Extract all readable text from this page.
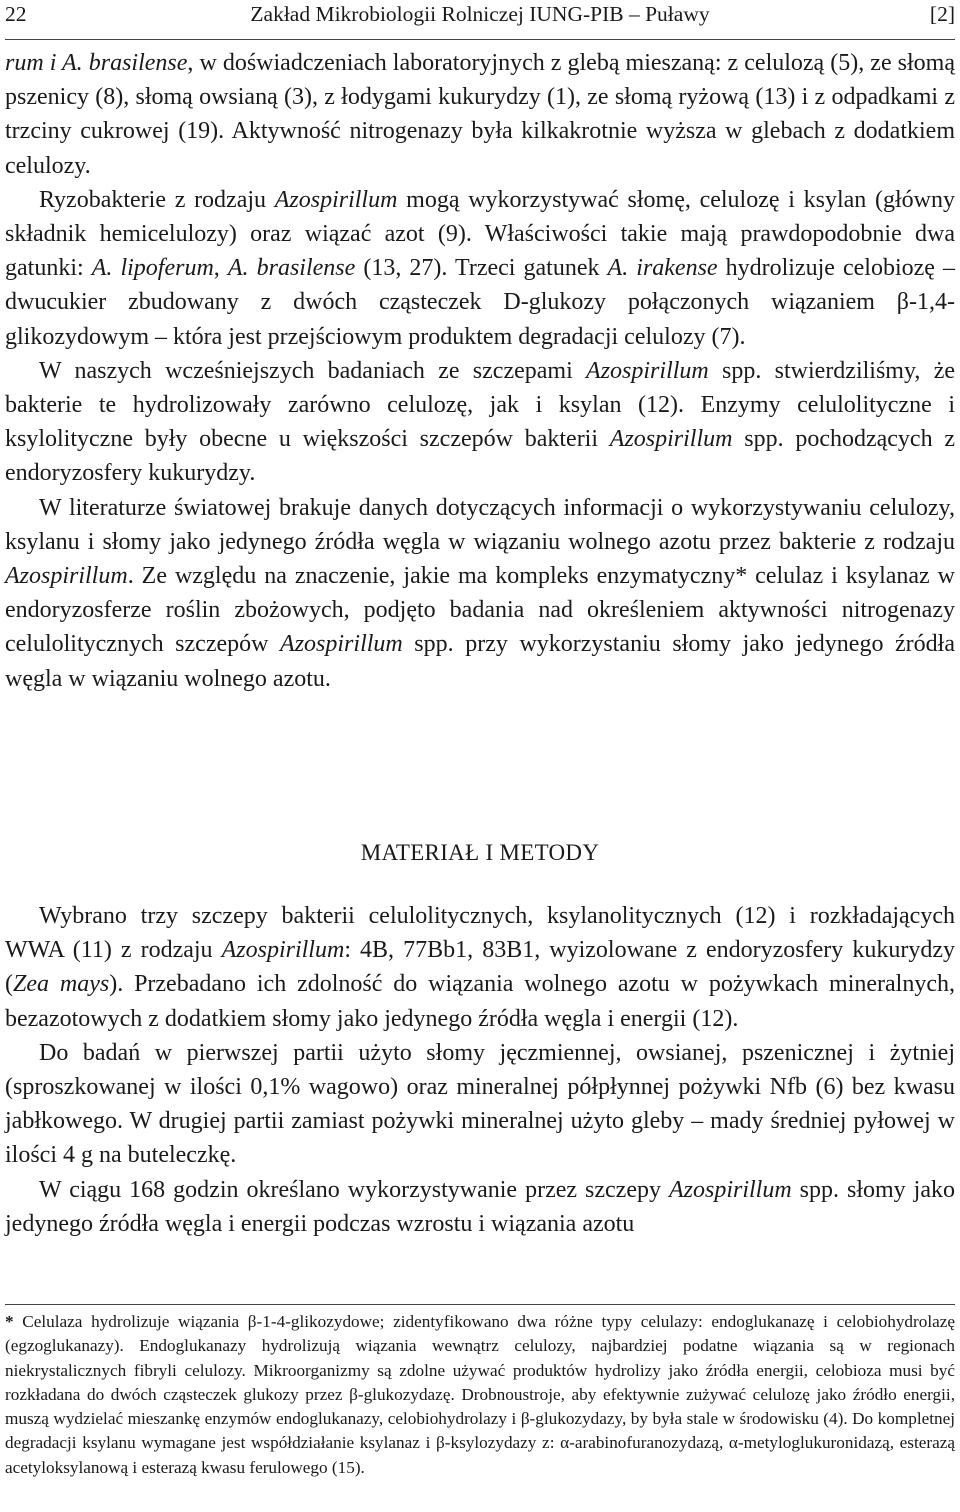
22	Zakład Mikrobiologii Rolniczej IUNG-PIB – Puławy	[2]

rum i A. brasilense, w doświadczeniach laboratoryjnych z glebą mieszaną: z celulozą (5), ze słomą pszenicy (8), słomą owsianą (3), z łodygami kukurydzy (1), ze słomą ryżową (13) i z odpadkami z trzciny cukrowej (19). Aktywność nitrogenazy była kilkakrotnie wyższa w glebach z dodatkiem celulozy.

Ryzobakterie z rodzaju Azospirillum mogą wykorzystywać słomę, celulozę i ksylan (główny składnik hemicelulozy) oraz wiązać azot (9). Właściwości takie mają prawdopodobnie dwa gatunki: A. lipoferum, A. brasilense (13, 27). Trzeci gatunek A. irakense hydrolizuje celobiozę – dwucukier zbudowany z dwóch cząsteczek D-glukozy połączonych wiązaniem β-1,4-glikozydowym – która jest przejściowym produktem degradacji celulozy (7).

W naszych wcześniejszych badaniach ze szczepami Azospirillum spp. stwierdziliśmy, że bakterie te hydrolizowały zarówno celulozę, jak i ksylan (12). Enzymy celulolityczne i ksylolityczne były obecne u większości szczepów bakterii Azospirillum spp. pochodzących z endoryzosfery kukurydzy.

W literaturze światowej brakuje danych dotyczących informacji o wykorzystywaniu celulozy, ksylanu i słomy jako jedynego źródła węgla w wiązaniu wolnego azotu przez bakterie z rodzaju Azospirillum. Ze względu na znaczenie, jakie ma kompleks enzymatyczny* celulaz i ksylanaz w endoryzosferze roślin zbożowych, podjęto badania nad określeniem aktywności nitrogenazy celulolitycznych szczepów Azospirillum spp. przy wykorzystaniu słomy jako jedynego źródła węgla w wiązaniu wolnego azotu.

MATERIAŁ I METODY

Wybrano trzy szczepy bakterii celulolitycznych, ksylanolitycznych (12) i rozkładających WWA (11) z rodzaju Azospirillum: 4B, 77Bb1, 83B1, wyizolowane z endoryzosfery kukurydzy (Zea mays). Przebadano ich zdolność do wiązania wolnego azotu w pożywkach mineralnych, bezazotowych z dodatkiem słomy jako jedynego źródła węgla i energii (12).

Do badań w pierwszej partii użyto słomy jęczmiennej, owsianej, pszenicznej i żytniej (sproszkowanej w ilości 0,1% wagowo) oraz mineralnej półpłynnej pożywki Nfb (6) bez kwasu jabłkowego. W drugiej partii zamiast pożywki mineralnej użyto gleby – mady średniej pyłowej w ilości 4 g na buteleczkę.

W ciągu 168 godzin określano wykorzystywanie przez szczepy Azospirillum spp. słomy jako jedynego źródła węgla i energii podczas wzrostu i wiązania azotu

* Celulaza hydrolizuje wiązania β-1-4-glikozydowe; zidentyfikowano dwa różne typy celulazy: endoglukanazę i celobiohydrolazę (egzoglukanazy). Endoglukanazy hydrolizują wiązania wewnątrz celulozy, najbardziej podatne wiązania są w regionach niekrystalicznych fibryli celulozy. Mikroorganizmy są zdolne używać produktów hydrolizy jako źródła energii, celobioza musi być rozkładana do dwóch cząsteczek glukozy przez β-glukozydazę. Drobnoustroje, aby efektywnie zużywać celulozę jako źródło energii, muszą wydzielać mieszankę enzymów endoglukanazy, celobiohydrolazy i β-glukozydazy, by była stale w środowisku (4). Do kompletnej degradacji ksylanu wymagane jest współdziałanie ksylanaz i β-ksylozydazy z: α-arabinofuranozydazą, α-metyloglukuronidazą, esterazą acetyloksylanową i esterazą kwasu ferulowego (15).
